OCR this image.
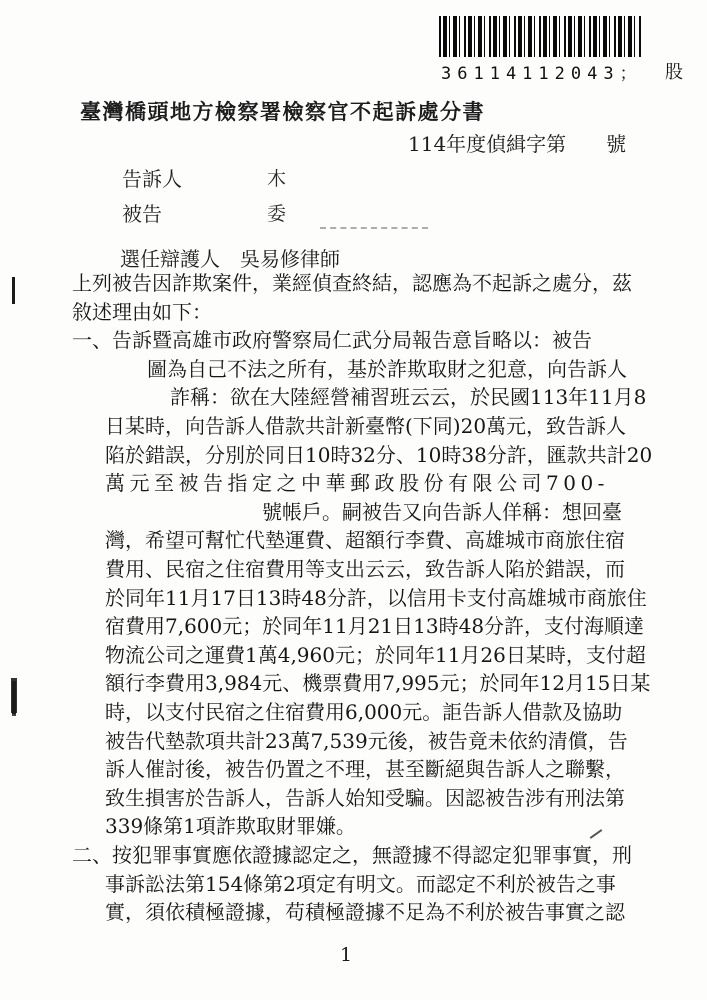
36114112043； 股
臺灣橋頭地方檢察署檢察官不起訴處分書
114年度偵緝字第　　號
告訴人	木
被告	委
選任辯護人　吳易修律師
上列被告因詐欺案件，業經偵查終結，認應為不起訴之處分，茲
敘述理由如下：
一、告訴暨高雄市政府警察局仁武分局報告意旨略以：被告
圖為自己不法之所有，基於詐欺取財之犯意，向告訴人
詐稱：欲在大陸經營補習班云云，於民國113年11月8
日某時，向告訴人借款共計新臺幣(下同)20萬元，致告訴人
陷於錯誤，分別於同日10時32分、10時38分許，匯款共計20
萬元至被告指定之中華郵政股份有限公司700-
號帳戶。嗣被告又向告訴人佯稱：想回臺
灣，希望可幫忙代墊運費、超額行李費、高雄城市商旅住宿
費用、民宿之住宿費用等支出云云，致告訴人陷於錯誤，而
於同年11月17日13時48分許，以信用卡支付高雄城市商旅住
宿費用7,600元；於同年11月21日13時48分許，支付海順達
物流公司之運費1萬4,960元；於同年11月26日某時，支付超
額行李費用3,984元、機票費用7,995元；於同年12月15日某
時，以支付民宿之住宿費用6,000元。詎告訴人借款及協助
被告代墊款項共計23萬7,539元後，被告竟未依約清償，告
訴人催討後，被告仍置之不理，甚至斷絕與告訴人之聯繫，
致生損害於告訴人，告訴人始知受騙。因認被告涉有刑法第
339條第1項詐欺取財罪嫌。
二、按犯罪事實應依證據認定之，無證據不得認定犯罪事實，刑
事訴訟法第154條第2項定有明文。而認定不利於被告之事
實，須依積極證據，苟積極證據不足為不利於被告事實之認
1
